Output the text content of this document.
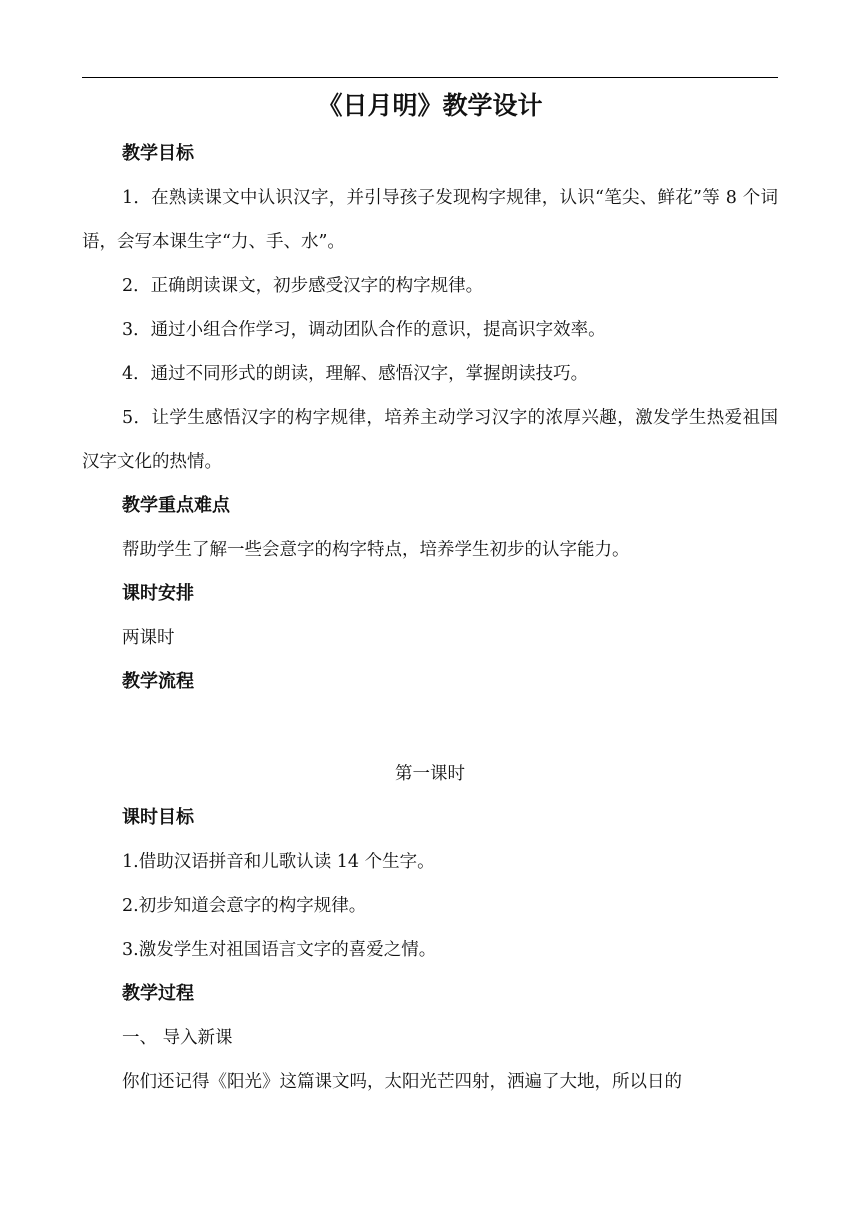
《日月明》教学设计
教学目标

1．在熟读课文中认识汉字，并引导孩子发现构字规律，认识“笔尖、鲜花”等 8 个词语，会写本课生字“力、手、水”。

2．正确朗读课文，初步感受汉字的构字规律。

3．通过小组合作学习，调动团队合作的意识，提高识字效率。

4．通过不同形式的朗读，理解、感悟汉字，掌握朗读技巧。

5．让学生感悟汉字的构字规律，培养主动学习汉字的浓厚兴趣，激发学生热爱祖国汉字文化的热情。

教学重点难点

帮助学生了解一些会意字的构字特点，培养学生初步的认字能力。

课时安排

两课时

教学流程
第一课时
课时目标

1.借助汉语拼音和儿歌认读 14 个生字。

2.初步知道会意字的构字规律。

3.激发学生对祖国语言文字的喜爱之情。

教学过程

一、 导入新课

你们还记得《阳光》这篇课文吗，太阳光芒四射，洒遍了大地，所以日的
